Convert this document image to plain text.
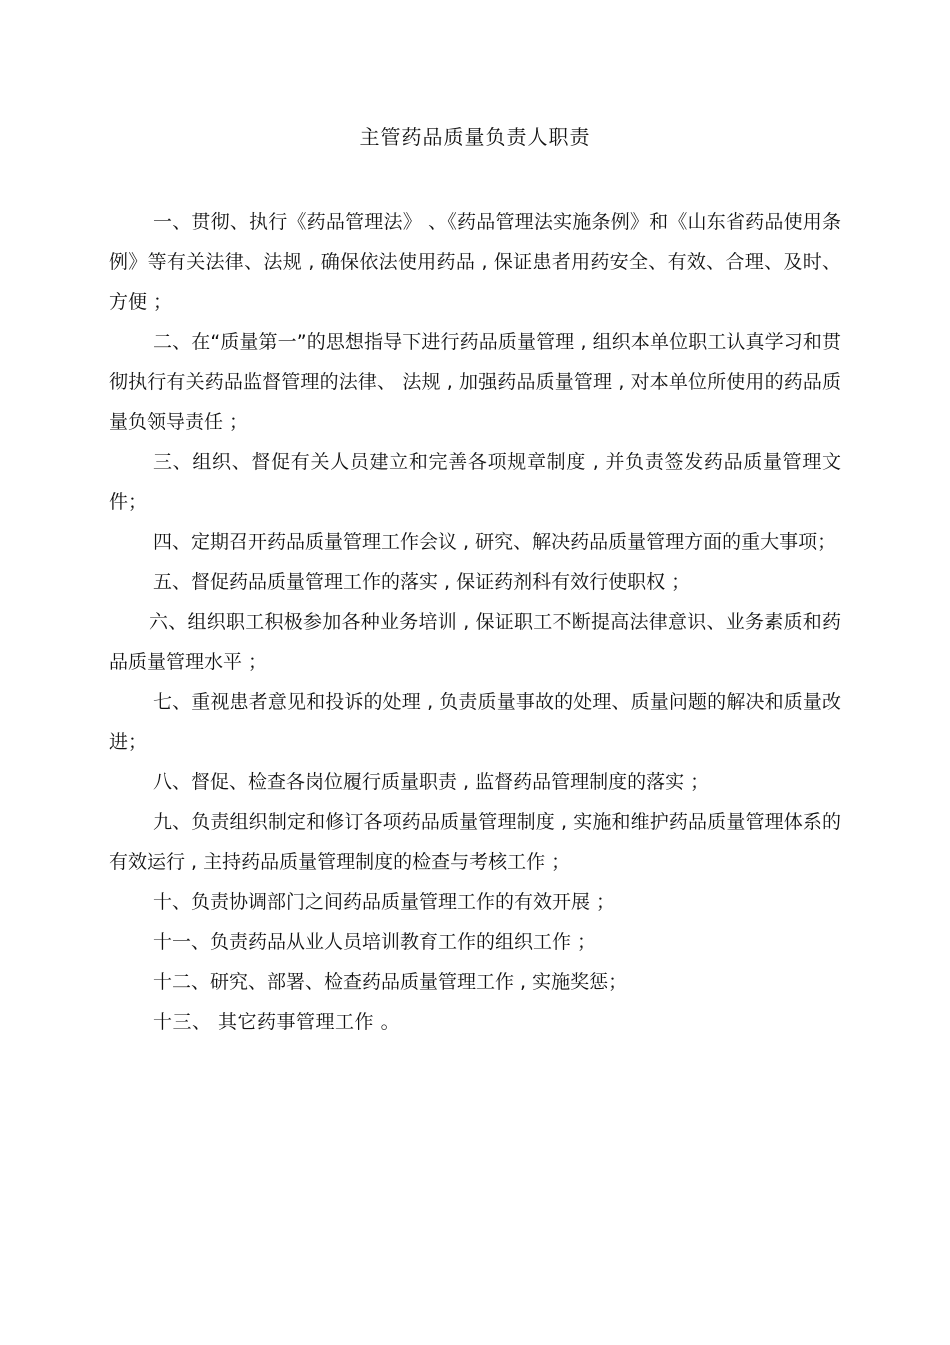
主管药品质量负责人职责

一、贯彻、执行《药品管理法》 、《药品管理法实施条例》和《山东省药品使用条例》等有关法律、法规 , 确保依法使用药品 , 保证患者用药安全、有效、合理、及时、方便 ；

二、在“质量第一”的思想指导下进行药品质量管理 , 组织本单位职工认真学习和贯彻执行有关药品监督管理的法律、 法规 , 加强药品质量管理 , 对本单位所使用的药品质量负领导责任 ；

三、组织、督促有关人员建立和完善各项规章制度 , 并负责签发药品质量管理文件；

四、定期召开药品质量管理工作会议 , 研究、解决药品质量管理方面的重大事项；

五、督促药品质量管理工作的落实 , 保证药剂科有效行使职权 ；

六、组织职工积极参加各种业务培训 , 保证职工不断提高法律意识、业务素质和药品质量管理水平 ；

七、重视患者意见和投诉的处理 , 负责质量事故的处理、质量问题的解决和质量改进；

八、督促、检查各岗位履行质量职责 , 监督药品管理制度的落实 ；

九、负责组织制定和修订各项药品质量管理制度 , 实施和维护药品质量管理体系的有效运行 , 主持药品质量管理制度的检查与考核工作 ；

十、负责协调部门之间药品质量管理工作的有效开展 ；

十一、负责药品从业人员培训教育工作的组织工作 ；

十二、研究、部署、检查药品质量管理工作 , 实施奖惩；

十三、 其它药事管理工作 。
